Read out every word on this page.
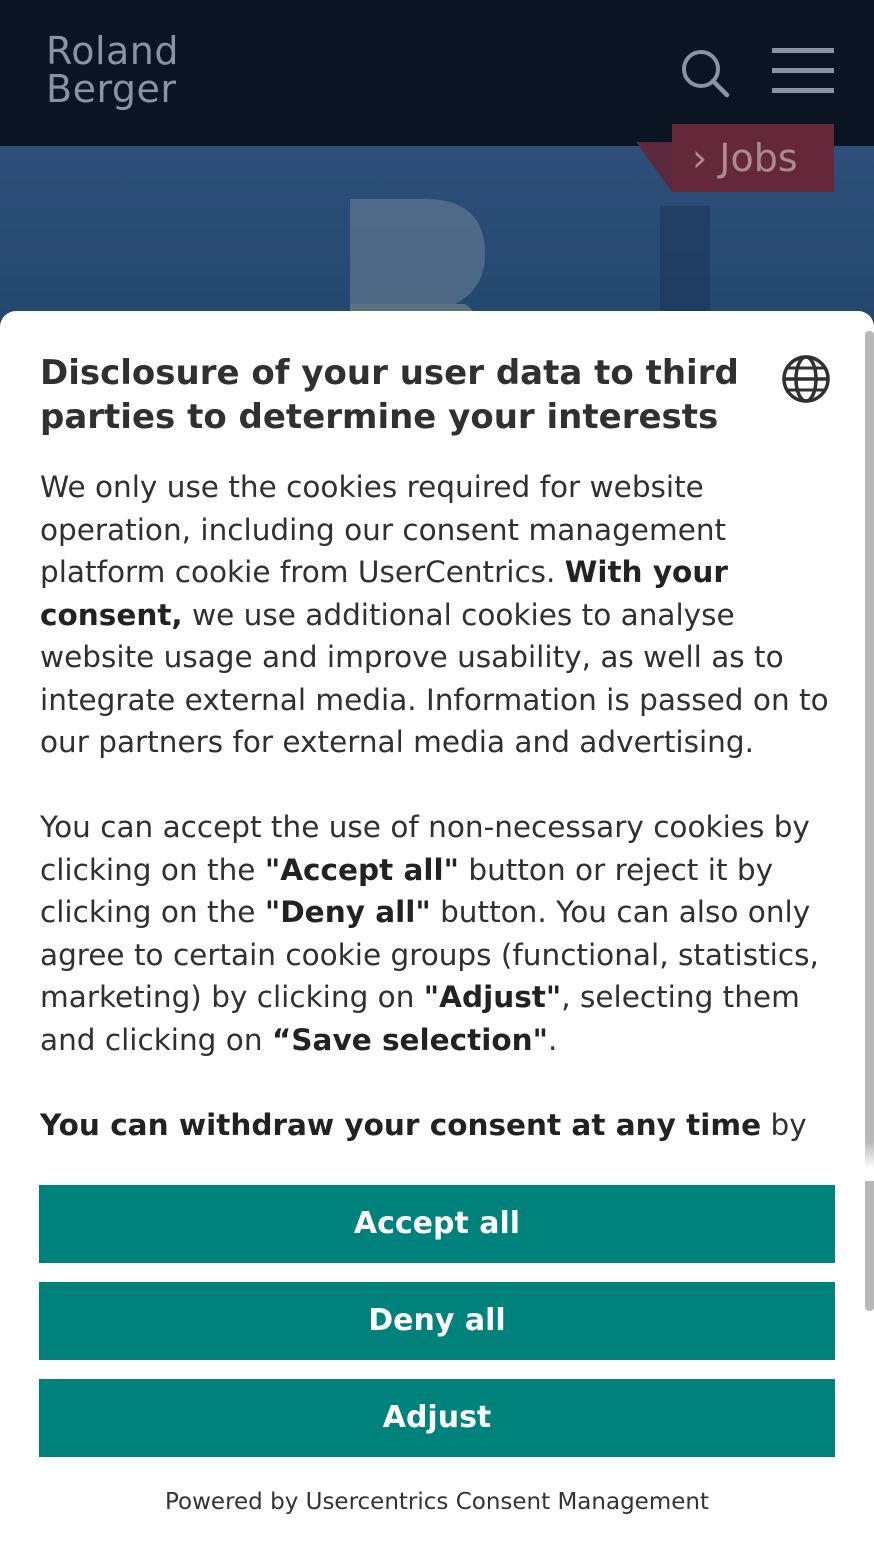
Roland
Berger
› Jobs
Disclosure of your user data to third parties to determine your interests

We only use the cookies required for website operation, including our consent management platform cookie from UserCentrics. With your consent, we use additional cookies to analyse website usage and improve usability, as well as to integrate external media. Information is passed on to our partners for external media and advertising.

You can accept the use of non-necessary cookies by clicking on the "Accept all" button or reject it by clicking on the "Deny all" button. You can also only agree to certain cookie groups (functional, statistics, marketing) by clicking on "Adjust", selecting them and clicking on “Save selection".

You can withdraw your consent at any time by

Accept all
Deny all
Adjust
Powered by Usercentrics Consent Management
